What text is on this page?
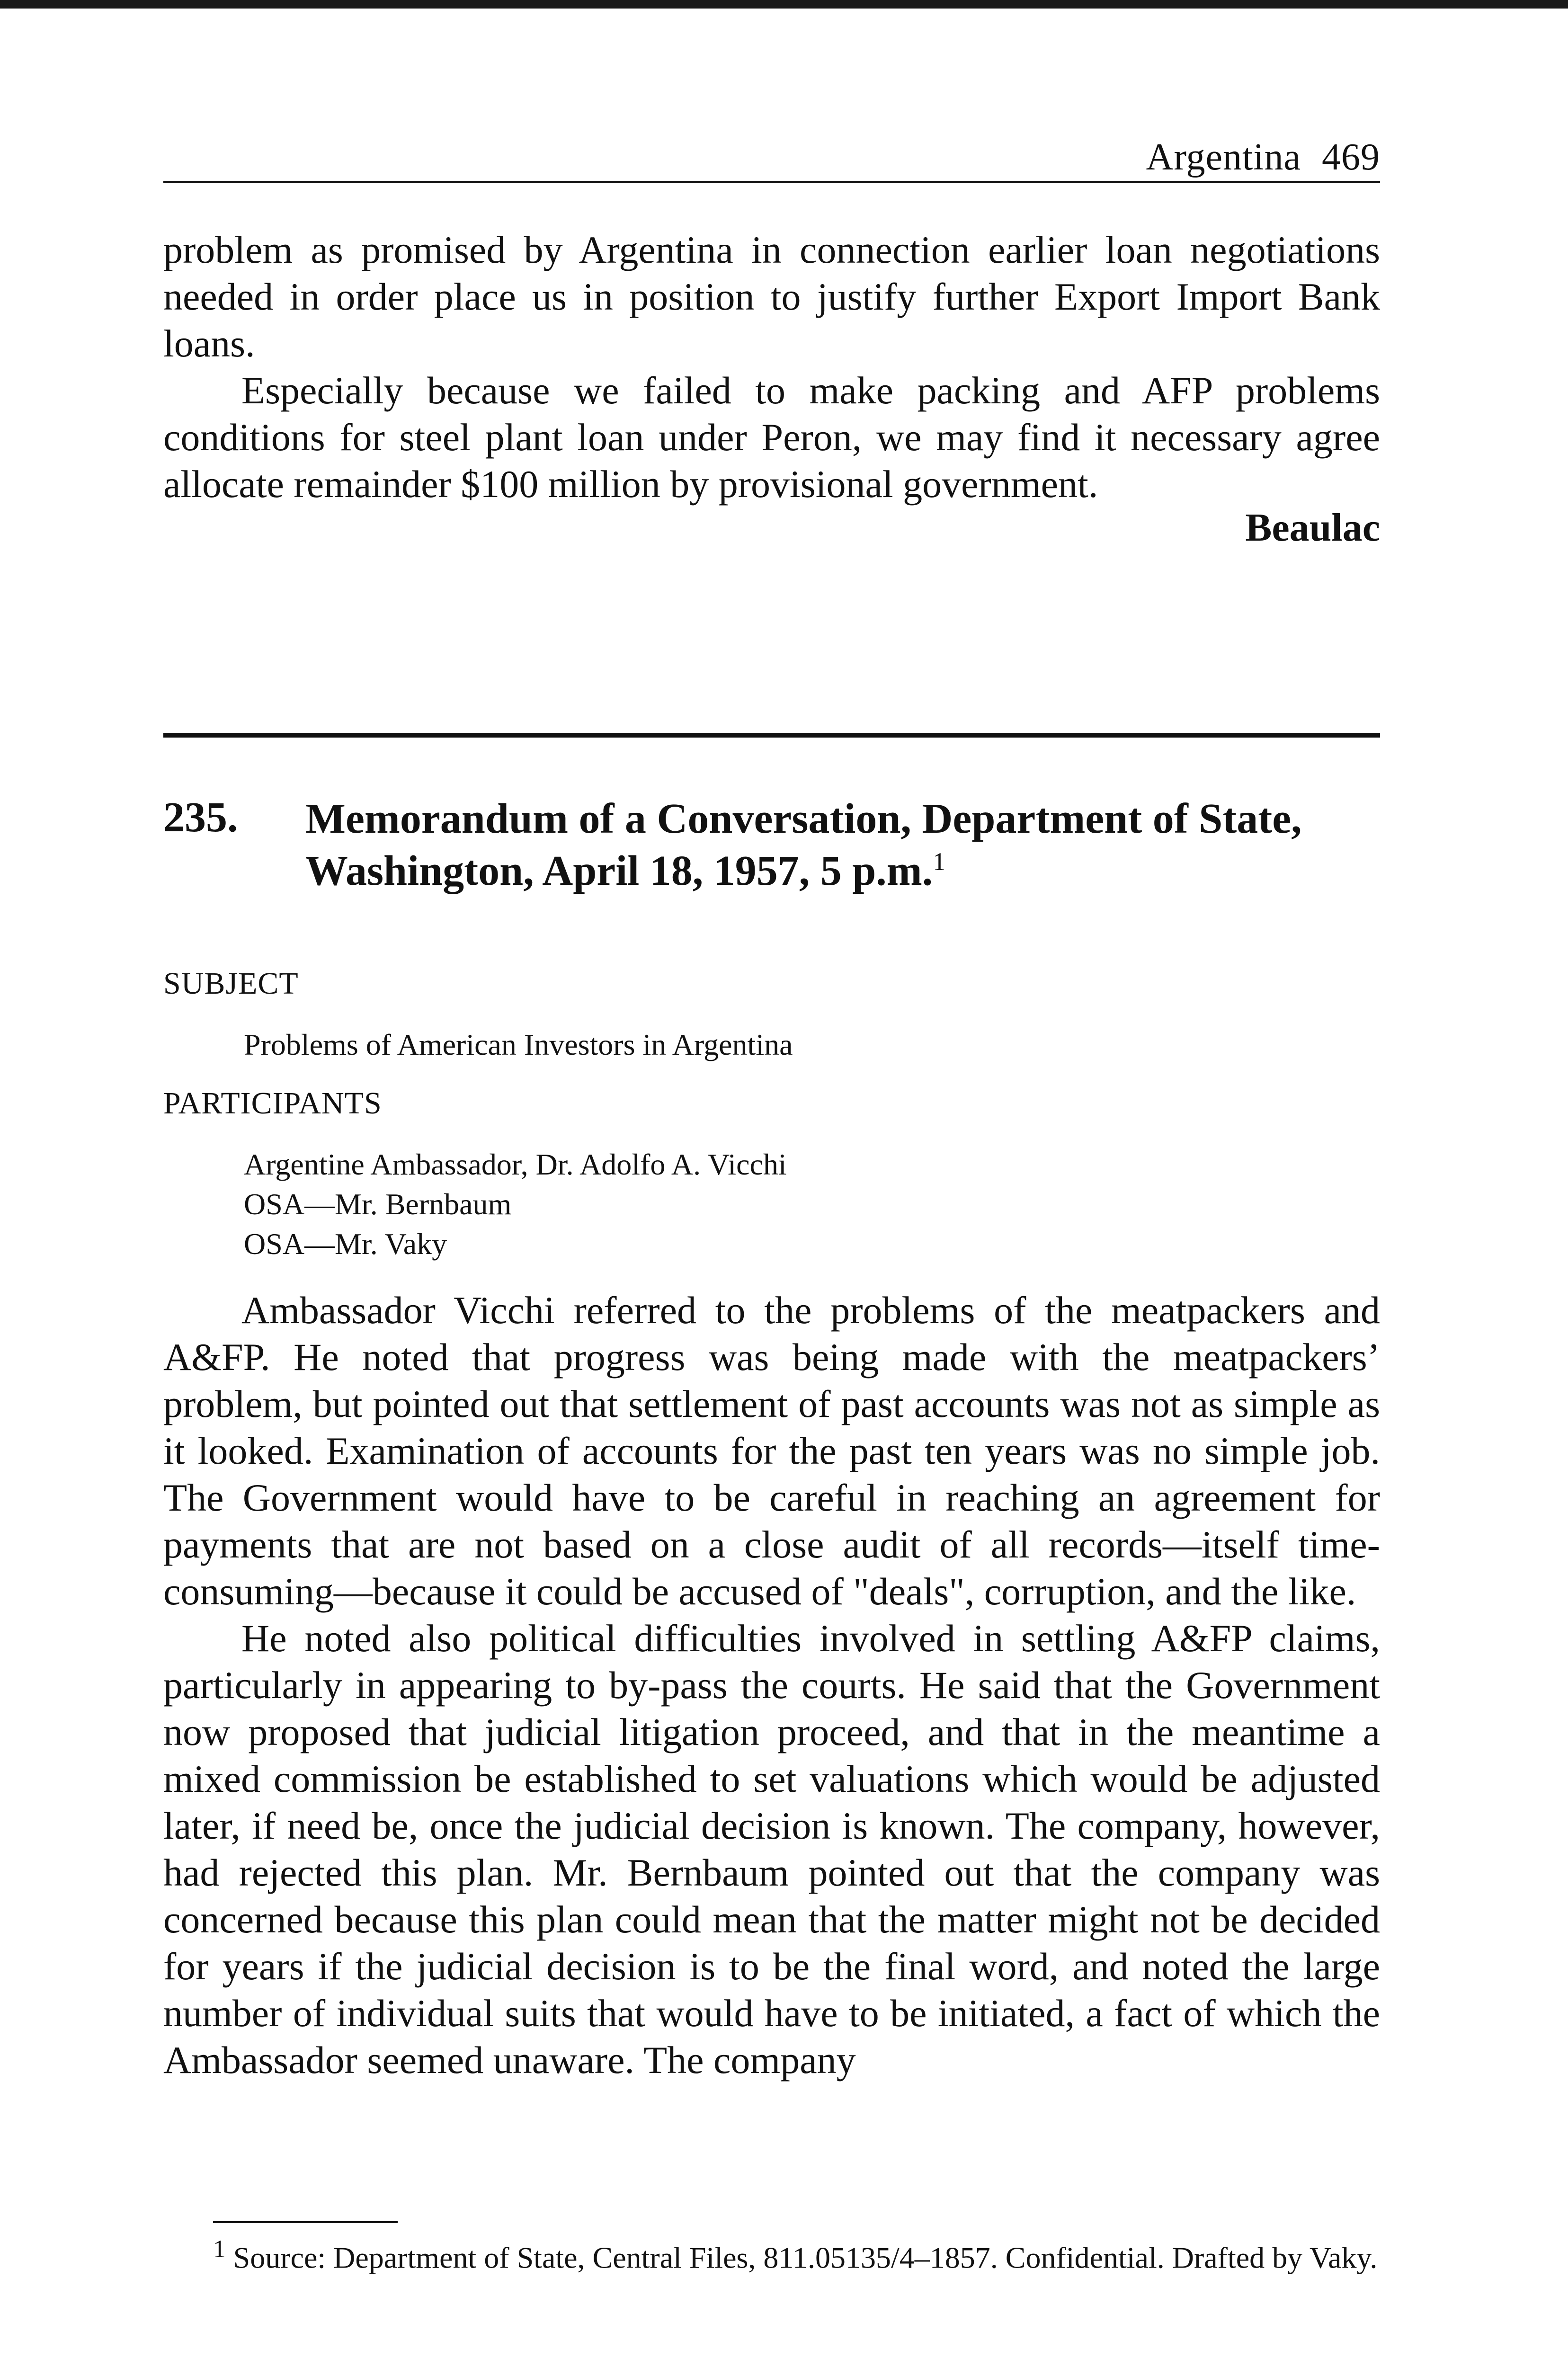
Argentina 469

problem as promised by Argentina in connection earlier loan negotiations needed in order place us in position to justify further Export Import Bank loans.

Especially because we failed to make packing and AFP problems conditions for steel plant loan under Peron, we may find it necessary agree allocate remainder $100 million by provisional government.

Beaulac
235. Memorandum of a Conversation, Department of State, Washington, April 18, 1957, 5 p.m.$^1$
SUBJECT
Problems of American Investors in Argentina
PARTICIPANTS
Argentine Ambassador, Dr. Adolfo A. Vicchi
OSA—Mr. Bernbaum
OSA—Mr. Vaky

Ambassador Vicchi referred to the problems of the meatpackers and A&FP. He noted that progress was being made with the meatpackers’ problem, but pointed out that settlement of past accounts was not as simple as it looked. Examination of accounts for the past ten years was no simple job. The Government would have to be careful in reaching an agreement for payments that are not based on a close audit of all records—itself time-consuming—because it could be accused of "deals", corruption, and the like.

He noted also political difficulties involved in settling A&FP claims, particularly in appearing to by-pass the courts. He said that the Government now proposed that judicial litigation proceed, and that in the meantime a mixed commission be established to set valuations which would be adjusted later, if need be, once the judicial decision is known. The company, however, had rejected this plan. Mr. Bernbaum pointed out that the company was concerned because this plan could mean that the matter might not be decided for years if the judicial decision is to be the final word, and noted the large number of individual suits that would have to be initiated, a fact of which the Ambassador seemed unaware. The company

$^1$ Source: Department of State, Central Files, 811.05135/4–1857. Confidential. Drafted by Vaky.
